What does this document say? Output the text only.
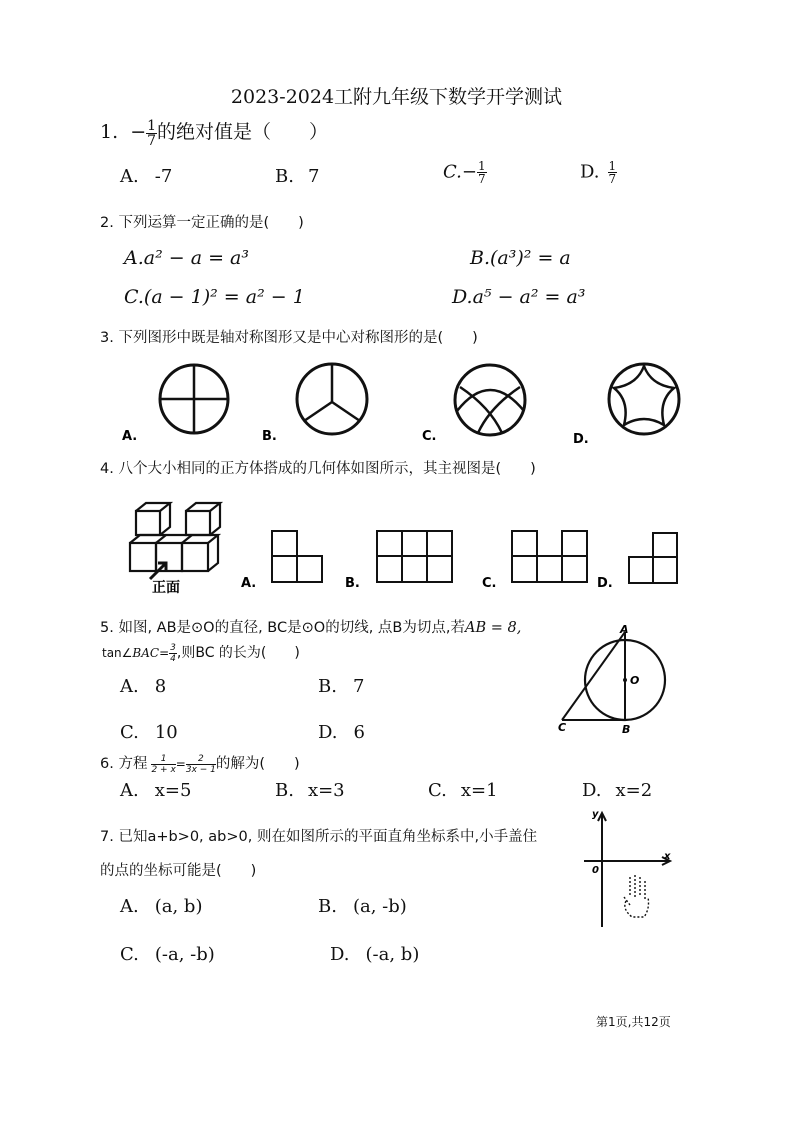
2023-2024工附九年级下数学开学测试
1. − $\frac{1}{7}$ 的绝对值是（　　）
A. -7	B. 7	$C.- \frac{1}{7}$	D. $\frac{1}{7}$
2. 下列运算一定正确的是(　　)
A.a² − a = a³	B.(a³)² = a
C.(a − 1)² = a² − 1	D.a⁵ − a² = a³
3. 下列图形中既是轴对称图形又是中心对称图形的是(　　)
A.	B.	C.	D.
4. 八个大小相同的正方体搭成的几何体如图所示，其主视图是(　　)
正面	A.	B.	C.	D.
5. 如图, AB是⊙O的直径, BC是⊙O的切线, 点B为切点,若AB = 8,
tan∠BAC= $\frac{3}{4}$ ,则BC 的长为(　　)
A. 8	B. 7
C. 10	D. 6
A
O
B
C
6. 方程 $\frac{1}{2 + x} = \frac{2}{3x - 1}$ 的解为(　　)
A. x=5	B. x=3	C. x=1	D. x=2
7. 已知a+b>0, ab>0, 则在如图所示的平面直角坐标系中,小手盖住
的点的坐标可能是(　　)
A. (a, b)	B. (a, -b)
C. (-a, -b)	D. (-a, b)
y
x
0
第1页,共12页
